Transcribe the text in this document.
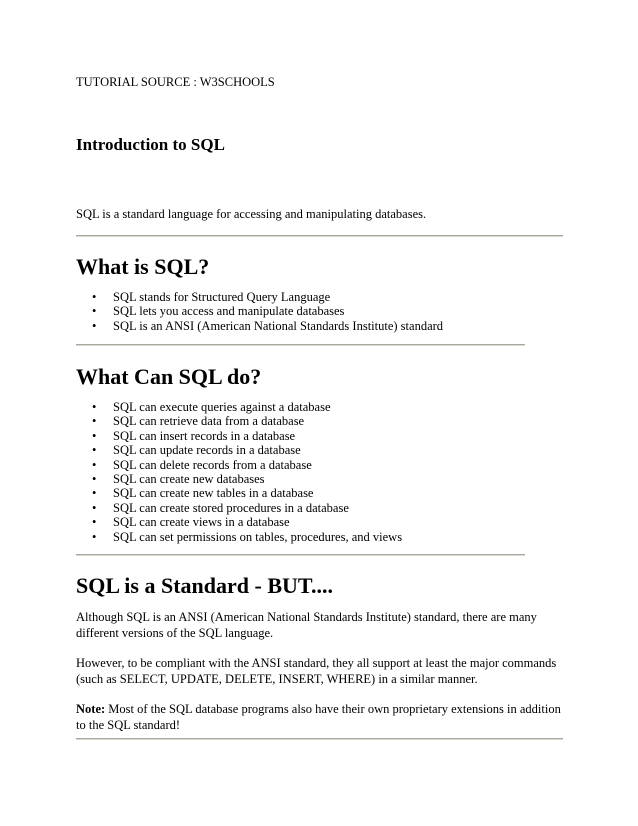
TUTORIAL SOURCE : W3SCHOOLS
Introduction to SQL
SQL is a standard language for accessing and manipulating databases.
What is SQL?
• SQL stands for Structured Query Language
• SQL lets you access and manipulate databases
• SQL is an ANSI (American National Standards Institute) standard
What Can SQL do?
• SQL can execute queries against a database
• SQL can retrieve data from a database
• SQL can insert records in a database
• SQL can update records in a database
• SQL can delete records from a database
• SQL can create new databases
• SQL can create new tables in a database
• SQL can create stored procedures in a database
• SQL can create views in a database
• SQL can set permissions on tables, procedures, and views
SQL is a Standard - BUT....
Although SQL is an ANSI (American National Standards Institute) standard, there are many different versions of the SQL language.
However, to be compliant with the ANSI standard, they all support at least the major commands (such as SELECT, UPDATE, DELETE, INSERT, WHERE) in a similar manner.
Note: Most of the SQL database programs also have their own proprietary extensions in addition to the SQL standard!
